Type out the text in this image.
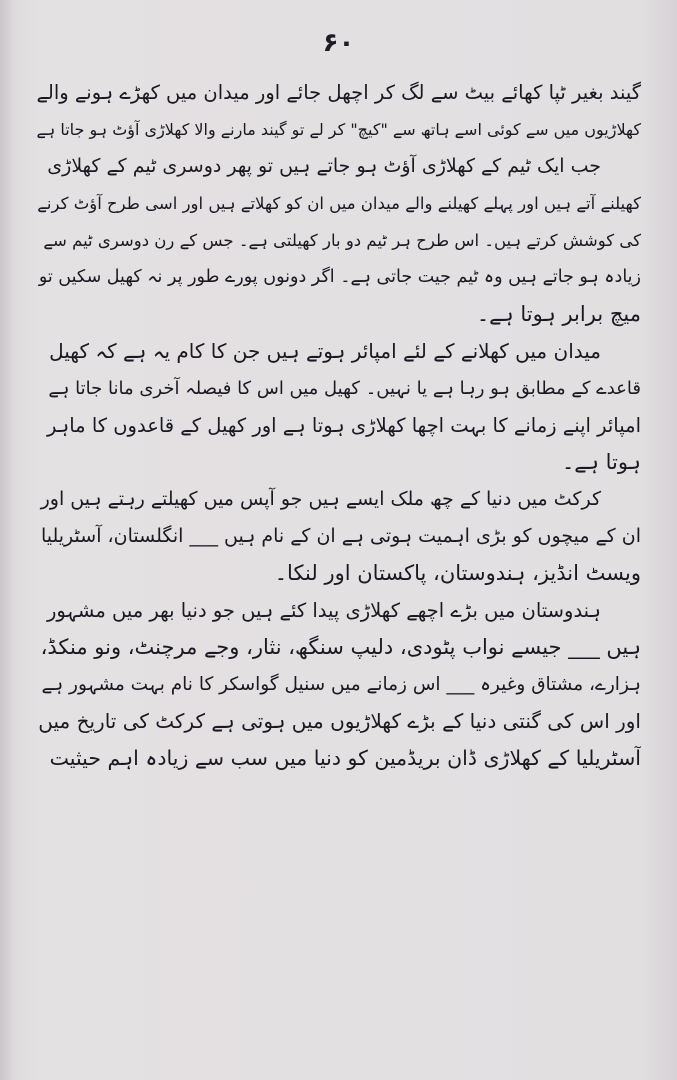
۶۰
گیند بغیر ٹپا کھائے بیٹ سے لگ کر اچھل جائے اور میدان میں کھڑے ہونے والے
کھلاڑیوں میں سے کوئی اسے ہاتھ سے "کیچ" کر لے تو گیند مارنے والا کھلاڑی آؤٹ ہو جاتا ہے
جب ایک ٹیم کے کھلاڑی آؤٹ ہو جاتے ہیں تو پھر دوسری ٹیم کے کھلاڑی
کھیلنے آتے ہیں اور پہلے کھیلنے والے میدان میں ان کو کھلاتے ہیں اور اسی طرح آؤٹ کرنے
کی کوشش کرتے ہیں۔ اس طرح ہر ٹیم دو بار کھیلتی ہے۔ جس کے رن دوسری ٹیم سے
زیادہ ہو جاتے ہیں وہ ٹیم جیت جاتی ہے۔ اگر دونوں پورے طور پر نہ کھیل سکیں تو
میچ برابر ہوتا ہے۔
میدان میں کھلانے کے لئے امپائر ہوتے ہیں جن کا کام یہ ہے کہ کھیل
قاعدے کے مطابق ہو رہا ہے یا نہیں۔ کھیل میں اس کا فیصلہ آخری مانا جاتا ہے
امپائر اپنے زمانے کا بہت اچھا کھلاڑی ہوتا ہے اور کھیل کے قاعدوں کا ماہر
ہوتا ہے۔
کرکٹ میں دنیا کے چھ ملک ایسے ہیں جو آپس میں کھیلتے رہتے ہیں اور
ان کے میچوں کو بڑی اہمیت ہوتی ہے ان کے نام ہیں ___ انگلستان، آسٹریلیا
ویسٹ انڈیز، ہندوستان، پاکستان اور لنکا۔
ہندوستان میں بڑے اچھے کھلاڑی پیدا کئے ہیں جو دنیا بھر میں مشہور
ہیں ___ جیسے نواب پٹودی، دلیپ سنگھ، نثار، وجے مرچنٹ، ونو منکڈ،
ہزارے، مشتاق وغیرہ ___ اس زمانے میں سنیل گواسکر کا نام بہت مشہور ہے
اور اس کی گنتی دنیا کے بڑے کھلاڑیوں میں ہوتی ہے کرکٹ کی تاریخ میں
آسٹریلیا کے کھلاڑی ڈان بریڈمین کو دنیا میں سب سے زیادہ اہم حیثیت
